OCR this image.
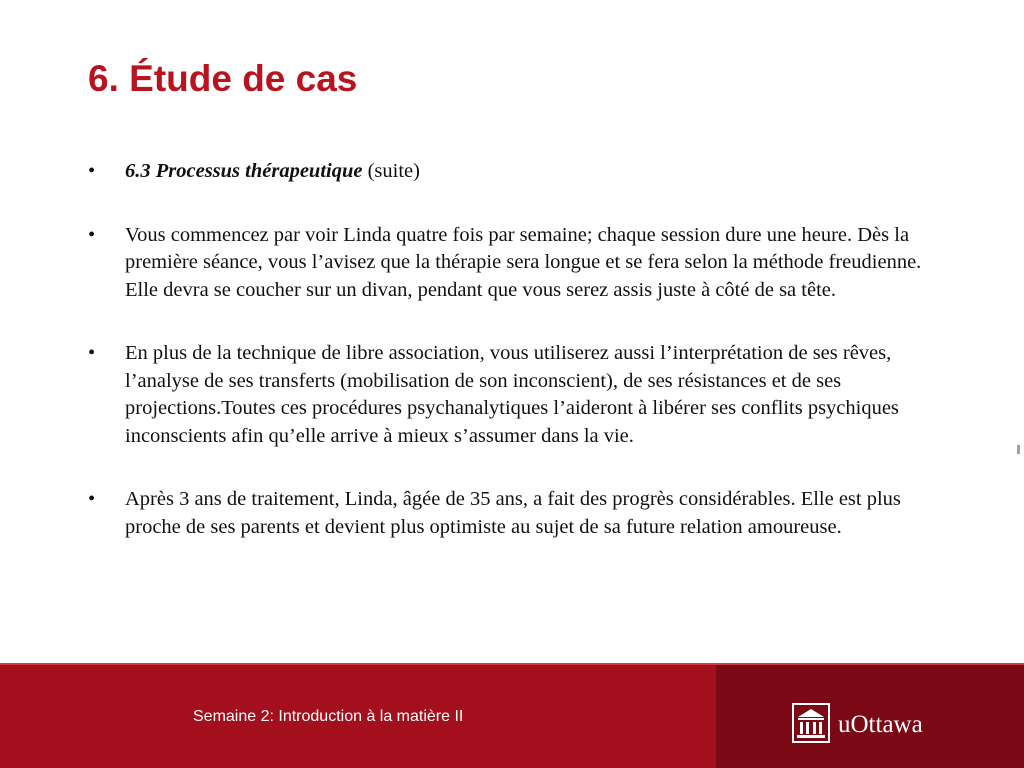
6. Étude de cas
• 6.3 Processus thérapeutique (suite)
• Vous commencez par voir Linda quatre fois par semaine; chaque session dure une heure. Dès la première séance, vous l’avisez que la thérapie sera longue et se fera selon la méthode freudienne. Elle devra se coucher sur un divan, pendant que vous serez assis juste à côté de sa tête.
• En plus de la technique de libre association, vous utiliserez aussi l’interprétation de ses rêves, l’analyse de ses transferts (mobilisation de son inconscient), de ses résistances et de ses projections.Toutes ces procédures psychanalytiques l’aideront à libérer ses conflits psychiques inconscients afin qu’elle arrive à mieux s’assumer dans la vie.
• Après 3 ans de traitement, Linda, âgée de 35 ans, a fait des progrès considérables. Elle est plus proche de ses parents et devient plus optimiste au sujet de sa future relation amoureuse.
Semaine 2: Introduction à la matière II	uOttawa
